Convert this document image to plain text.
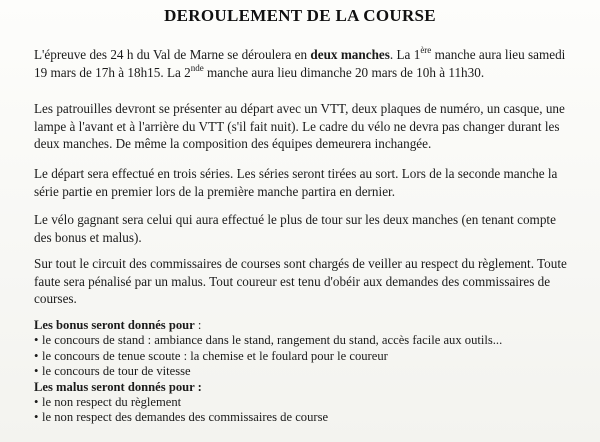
DEROULEMENT DE LA COURSE
L'épreuve des 24 h du Val de Marne se déroulera en deux manches. La 1ère manche aura lieu samedi 19 mars de 17h à 18h15. La 2nde manche aura lieu dimanche 20 mars de 10h à 11h30.
Les patrouilles devront se présenter au départ avec un VTT, deux plaques de numéro, un casque, une lampe à l'avant et à l'arrière du VTT (s'il fait nuit). Le cadre du vélo ne devra pas changer durant les deux manches. De même la composition des équipes demeurera inchangée.
Le départ sera effectué en trois séries. Les séries seront tirées au sort. Lors de la seconde manche la série partie en premier lors de la première manche partira en dernier.
Le vélo gagnant sera celui qui aura effectué le plus de tour sur les deux manches (en tenant compte des bonus et malus).
Sur tout le circuit des commissaires de courses sont chargés de veiller au respect du règlement. Toute faute sera pénalisé par un malus. Tout coureur est tenu d'obéir aux demandes des commissaires de courses.
Les bonus seront donnés pour :
• le concours de stand : ambiance dans le stand, rangement du stand, accès facile aux outils...
• le concours de tenue scoute : la chemise et le foulard pour le coureur
• le concours de tour de vitesse
Les malus seront donnés pour :
• le non respect du règlement
• le non respect des demandes des commissaires de course
